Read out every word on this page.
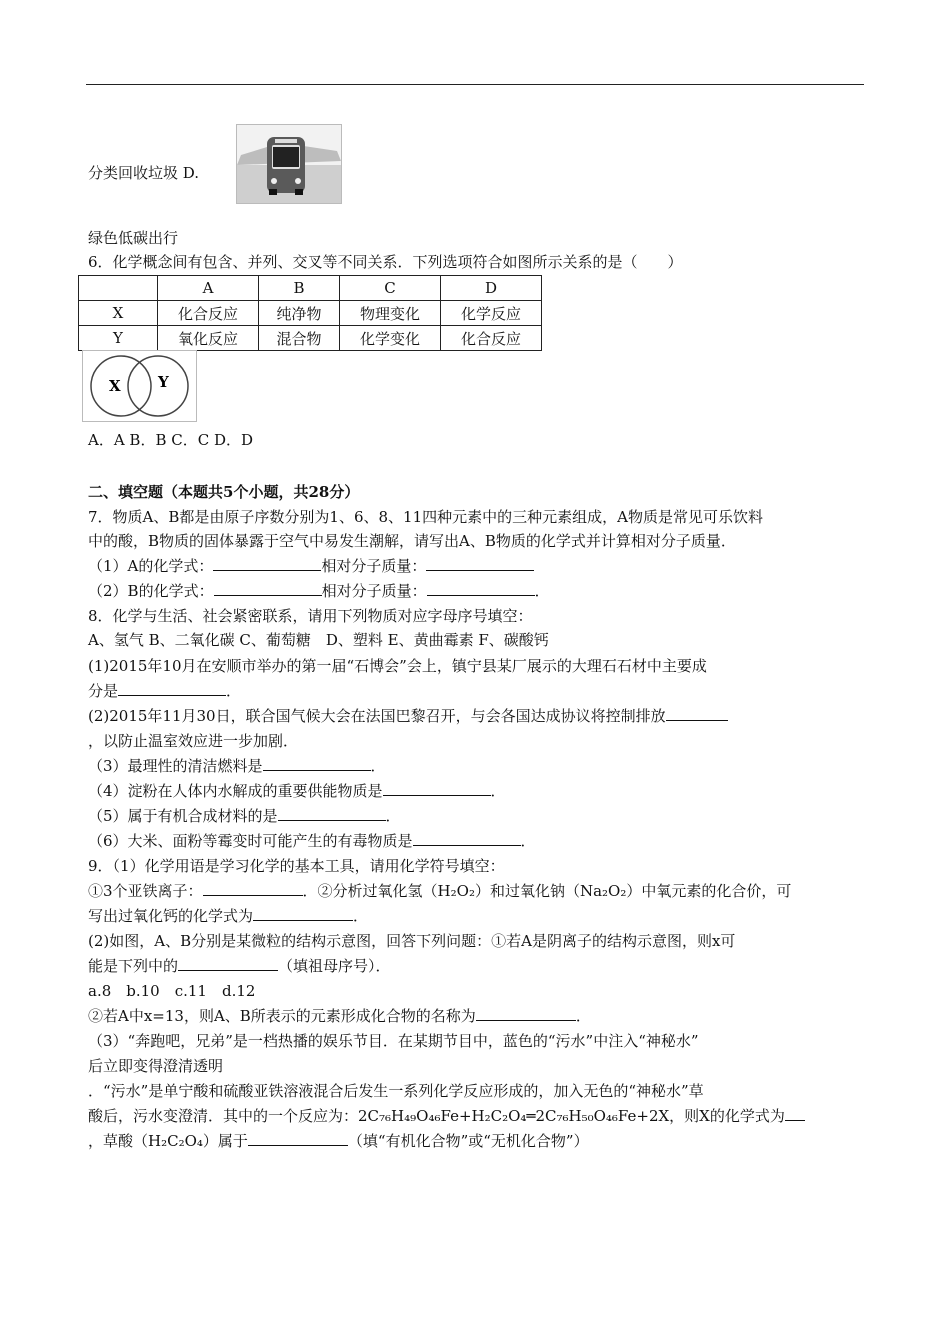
分类回收垃圾 D.
绿色低碳出行
6．化学概念间有包含、并列、交叉等不同关系．下列选项符合如图所示关系的是（　　）
	A	B	C	D
X	化合反应	纯净物	物理变化	化学反应
Y	氧化反应	混合物	化学变化	化合反应
X Y
A．A B．B C．C D．D
二、填空题（本题共5个小题，共28分）
7．物质A、B都是由原子序数分别为1、6、8、11四种元素中的三种元素组成，A物质是常见可乐饮料
中的酸，B物质的固体暴露于空气中易发生潮解，请写出A、B物质的化学式并计算相对分子质量．
（1）A的化学式：	相对分子质量：
（2）B的化学式：	相对分子质量：	．
8．化学与生活、社会紧密联系，请用下列物质对应字母序号填空：
A、氢气 B、二氧化碳 C、葡萄糖　D、塑料 E、黄曲霉素 F、碳酸钙
(1)2015年10月在安顺市举办的第一届“石博会”会上，镇宁县某厂展示的大理石石材中主要成
分是	．
(2)2015年11月30日，联合国气候大会在法国巴黎召开，与会各国达成协议将控制排放
，以防止温室效应进一步加剧．
（3）最理性的清洁燃料是	．
（4）淀粉在人体内水解成的重要供能物质是	．
（5）属于有机合成材料的是	．
（6）大米、面粉等霉变时可能产生的有毒物质是	．
9．（1）化学用语是学习化学的基本工具，请用化学符号填空：
①3个亚铁离子：	．②分析过氧化氢（H₂O₂）和过氧化钠（Na₂O₂）中氧元素的化合价，可
写出过氧化钙的化学式为	．
(2)如图，A、B分别是某微粒的结构示意图，回答下列问题：①若A是阴离子的结构示意图，则x可
能是下列中的	（填祖母序号）．
a.8　b.10　c.11　d.12
②若A中x=13，则A、B所表示的元素形成化合物的名称为	．
（3）“奔跑吧，兄弟”是一档热播的娱乐节目．在某期节目中，蓝色的“污水”中注入“神秘水”
后立即变得澄清透明
．“污水”是单宁酸和硫酸亚铁溶液混合后发生一系列化学反应形成的，加入无色的“神秘水”草
酸后，污水变澄清．其中的一个反应为：2C₇₆H₄₉O₄₆Fe+H₂C₂O₄═2C₇₆H₅₀O₄₆Fe+2X，则X的化学式为
，草酸（H₂C₂O₄）属于	（填“有机化合物”或“无机化合物”）
